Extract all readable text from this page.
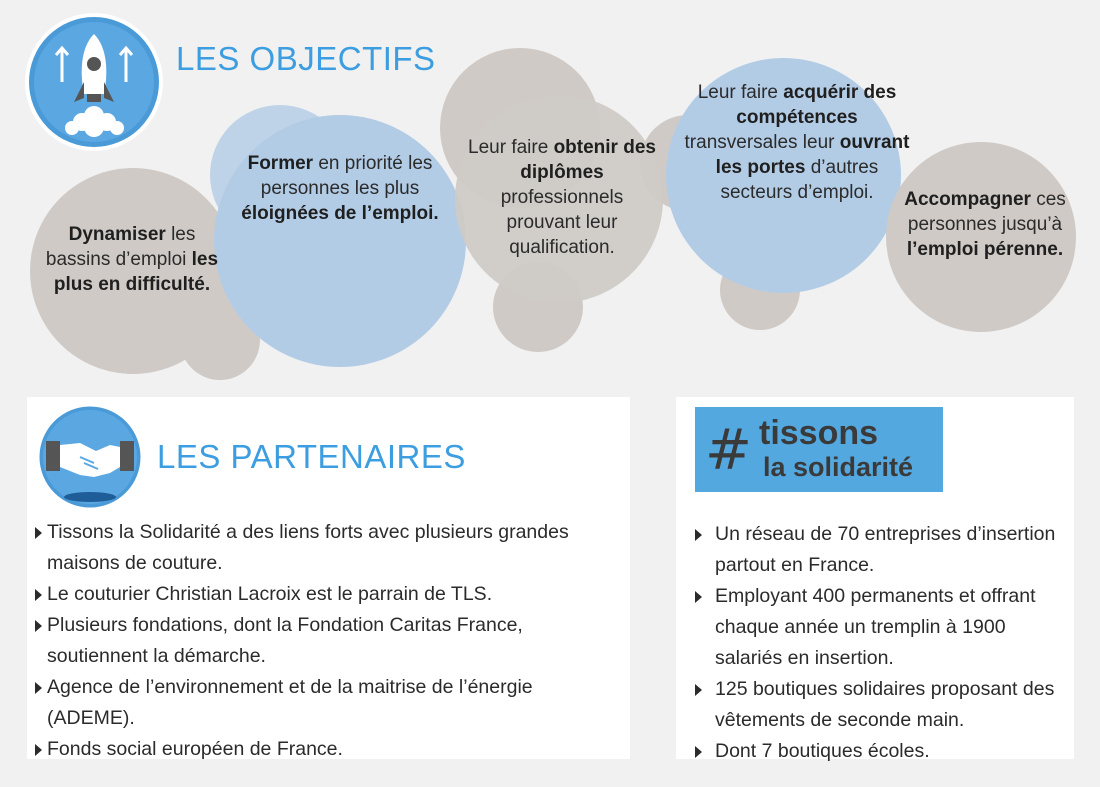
LES OBJECTIFS
Dynamiser les bassins d’emploi les plus en difficulté.
Former en priorité les personnes les plus éloignées de l’emploi.
Leur faire obtenir des diplômes professionnels prouvant leur qualification.
Leur faire acquérir des compétences transversales leur ouvrant les portes d’autres secteurs d’emploi.	Accompagner ces personnes jusqu’à l’emploi pérenne.
LES PARTENAIRES
Tissons la Solidarité a des liens forts avec plusieurs grandes maisons de couture.
Le couturier Christian Lacroix est le parrain de TLS.
Plusieurs fondations, dont la Fondation Caritas France, soutiennent la démarche.
Agence de l’environnement et de la maitrise de l’énergie (ADEME).
Fonds social européen de France.
# tissons
la solidarité
Un réseau de 70 entreprises d’insertion partout en France.
Employant 400 permanents et offrant chaque année un tremplin à 1900 salariés en insertion.
125 boutiques solidaires proposant des vêtements de seconde main.
Dont 7 boutiques écoles.
